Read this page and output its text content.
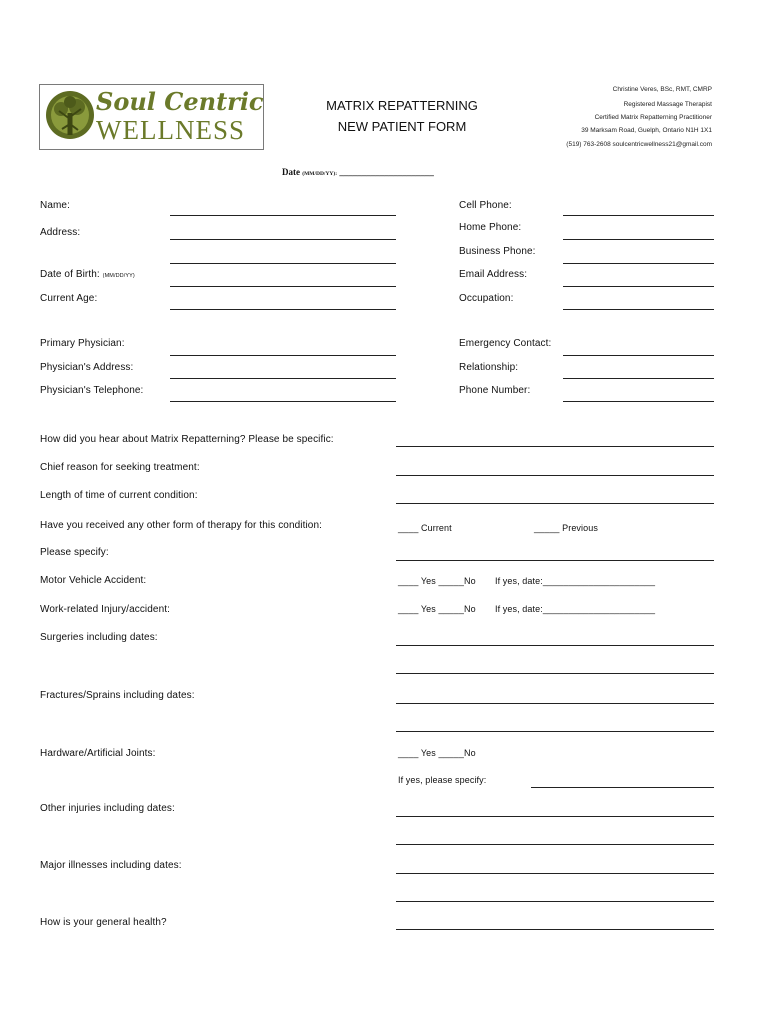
Soul Centric
WELLNESS
MATRIX REPATTERNING
NEW PATIENT FORM
Christine Veres, BSc, RMT, CMRP
Registered Massage Therapist
Certified Matrix Repatterning Practitioner
39 Marksam Road, Guelph, Ontario N1H 1X1
(519) 763-2608 soulcentricwellness21@gmail.com
Date (MM/DD/YY): _____________________
Name:
Address:
Date of Birth: (MM/DD/YY)
Current Age:
Primary Physician:
Physician's Address:
Physician's Telephone:
Cell Phone:
Home Phone:
Business Phone:
Email Address:
Occupation:
Emergency Contact:
Relationship:
Phone Number:
How did you hear about Matrix Repatterning? Please be specific:
Chief reason for seeking treatment:
Length of time of current condition:
Have you received any other form of therapy for this condition:	____ Current	_____ Previous
Please specify:
Motor Vehicle Accident:	____ Yes _____No If yes, date:______________________
Work-related Injury/accident:	____ Yes _____No If yes, date:______________________
Surgeries including dates:
Fractures/Sprains including dates:
Hardware/Artificial Joints:	____ Yes _____No
If yes, please specify:
Other injuries including dates:
Major illnesses including dates:
How is your general health?
